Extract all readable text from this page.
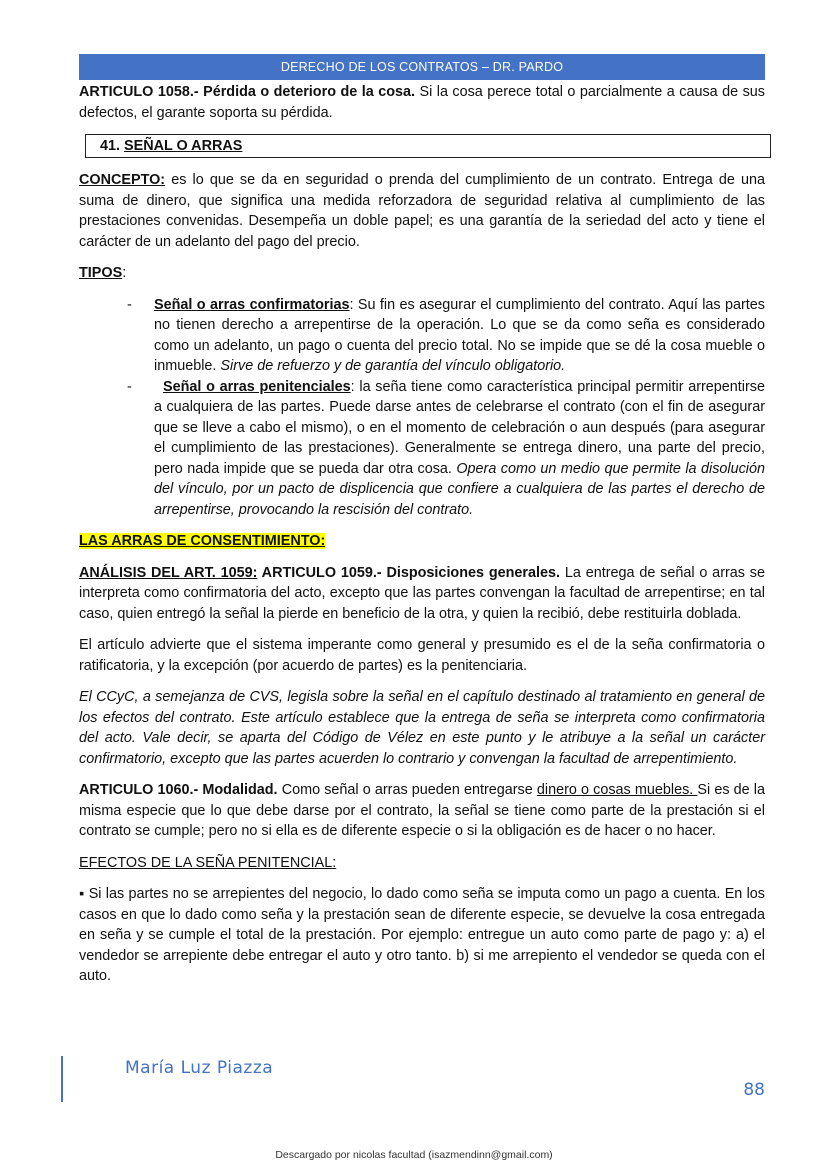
DERECHO DE LOS CONTRATOS – DR. PARDO

ARTICULO 1058.- Pérdida o deterioro de la cosa. Si la cosa perece total o parcialmente a causa de sus defectos, el garante soporta su pérdida.

41. SEÑAL O ARRAS

CONCEPTO: es lo que se da en seguridad o prenda del cumplimiento de un contrato. Entrega de una suma de dinero, que significa una medida reforzadora de seguridad relativa al cumplimiento de las prestaciones convenidas. Desempeña un doble papel; es una garantía de la seriedad del acto y tiene el carácter de un adelanto del pago del precio.

TIPOS:

- Señal o arras confirmatorias: Su fin es asegurar el cumplimiento del contrato. Aquí las partes no tienen derecho a arrepentirse de la operación. Lo que se da como seña es considerado como un adelanto, un pago o cuenta del precio total. No se impide que se dé la cosa mueble o inmueble. Sirve de refuerzo y de garantía del vínculo obligatorio.
- Señal o arras penitenciales: la seña tiene como característica principal permitir arrepentirse a cualquiera de las partes. Puede darse antes de celebrarse el contrato (con el fin de asegurar que se lleve a cabo el mismo), o en el momento de celebración o aun después (para asegurar el cumplimiento de las prestaciones). Generalmente se entrega dinero, una parte del precio, pero nada impide que se pueda dar otra cosa. Opera como un medio que permite la disolución del vínculo, por un pacto de displicencia que confiere a cualquiera de las partes el derecho de arrepentirse, provocando la rescisión del contrato.

LAS ARRAS DE CONSENTIMIENTO:

ANÁLISIS DEL ART. 1059: ARTICULO 1059.- Disposiciones generales. La entrega de señal o arras se interpreta como confirmatoria del acto, excepto que las partes convengan la facultad de arrepentirse; en tal caso, quien entregó la señal la pierde en beneficio de la otra, y quien la recibió, debe restituirla doblada.

El artículo advierte que el sistema imperante como general y presumido es el de la seña confirmatoria o ratificatoria, y la excepción (por acuerdo de partes) es la penitenciaria.

El CCyC, a semejanza de CVS, legisla sobre la señal en el capítulo destinado al tratamiento en general de los efectos del contrato. Este artículo establece que la entrega de seña se interpreta como confirmatoria del acto. Vale decir, se aparta del Código de Vélez en este punto y le atribuye a la señal un carácter confirmatorio, excepto que las partes acuerden lo contrario y convengan la facultad de arrepentimiento.

ARTICULO 1060.- Modalidad. Como señal o arras pueden entregarse dinero o cosas muebles. Si es de la misma especie que lo que debe darse por el contrato, la señal se tiene como parte de la prestación si el contrato se cumple; pero no si ella es de diferente especie o si la obligación es de hacer o no hacer.

EFECTOS DE LA SEÑA PENITENCIAL:

▪ Si las partes no se arrepientes del negocio, lo dado como seña se imputa como un pago a cuenta. En los casos en que lo dado como seña y la prestación sean de diferente especie, se devuelve la cosa entregada en seña y se cumple el total de la prestación. Por ejemplo: entregue un auto como parte de pago y: a) el vendedor se arrepiente debe entregar el auto y otro tanto. b) si me arrepiento el vendedor se queda con el auto.

María Luz Piazza
88
Descargado por nicolas facultad (isazmendinn@gmail.com)
